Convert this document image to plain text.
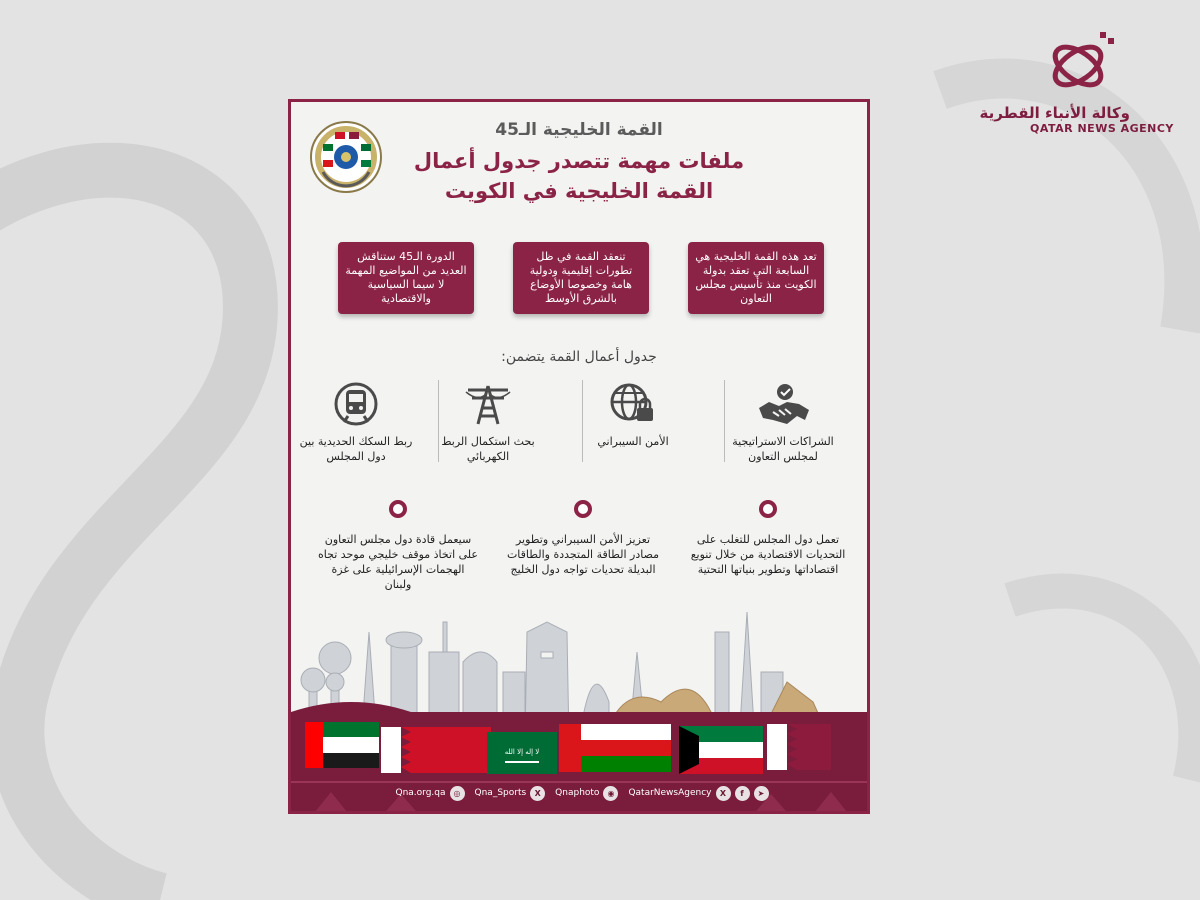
وكالة الأنباء القطرية
QATAR NEWS AGENCY
القمة الخليجية الـ45
ملفات مهمة تتصدر جدول أعمال
القمة الخليجية في الكويت
تعد هذه القمة الخليجية هي السابعة التي تعقد بدولة الكويت منذ تأسيس مجلس التعاون
تنعقد القمة في ظل تطورات إقليمية ودولية هامة وخصوصا الأوضاع بالشرق الأوسط
الدورة الـ45 ستناقش العديد من المواضيع المهمة لا سيما السياسية والاقتصادية
جدول أعمال القمة يتضمن:
الشراكات الاستراتيجية لمجلس التعاون
الأمن السيبراني
بحث استكمال الربط الكهربائي
ربط السكك الحديدية بين دول المجلس
تعمل دول المجلس للتغلب على التحديات الاقتصادية من خلال تنويع اقتصاداتها وتطوير بنياتها التحتية
تعزيز الأمن السيبراني وتطوير مصادر الطاقة المتجددة والطاقات البديلة تحديات تواجه دول الخليج
سيعمل قادة دول مجلس التعاون على اتخاذ موقف خليجي موحد تجاه الهجمات الإسرائيلية على غزة ولبنان
لا إله إلا الله
Qna.org.qa	◎	Qna_Sports	X	Qnaphoto	◉	QatarNewsAgency	X	f	➤
